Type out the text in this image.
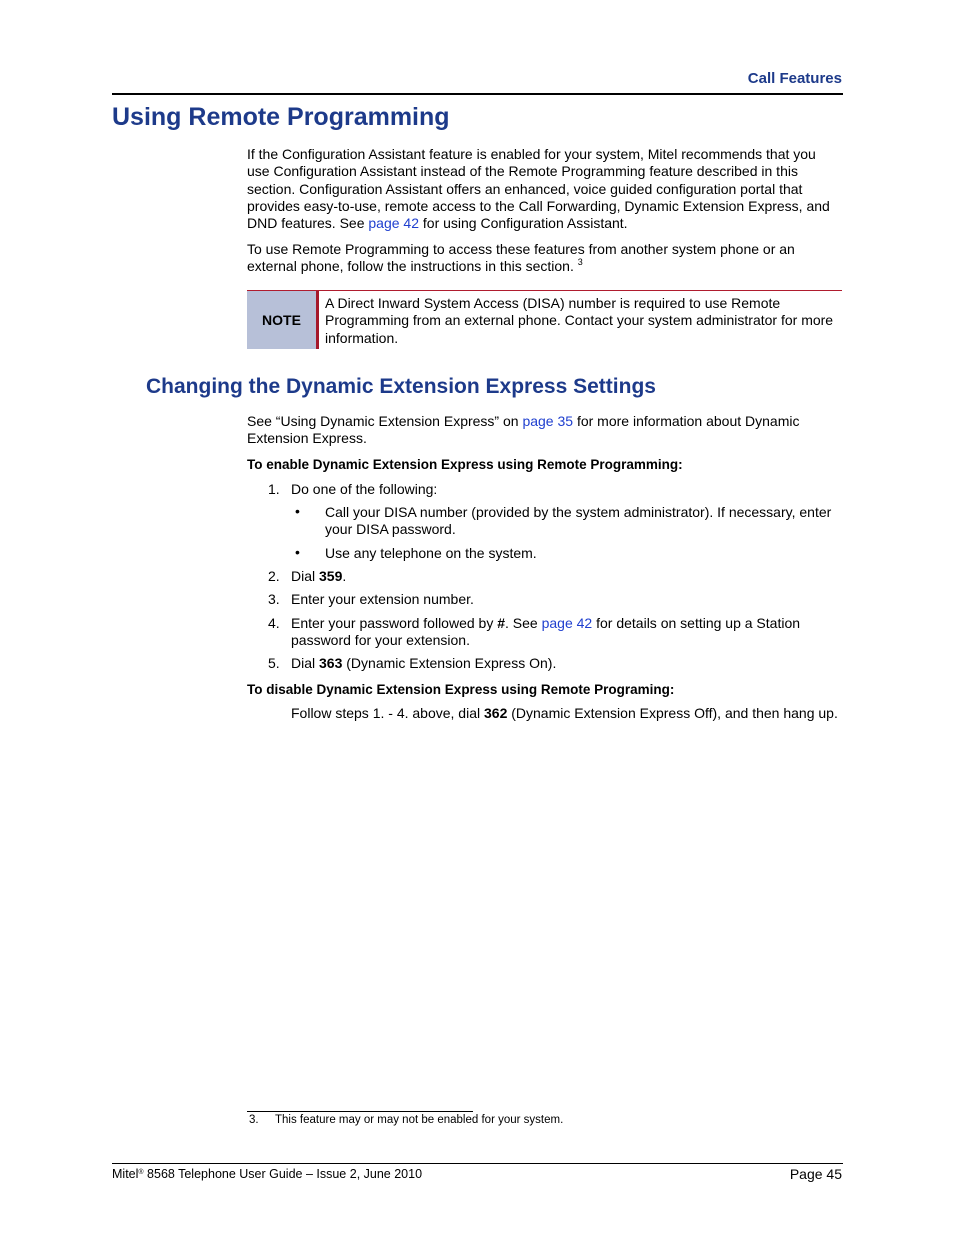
Call Features
Using Remote Programming
If the Configuration Assistant feature is enabled for your system, Mitel recommends that you use Configuration Assistant instead of the Remote Programming feature described in this section. Configuration Assistant offers an enhanced, voice guided configuration portal that provides easy-to-use, remote access to the Call Forwarding, Dynamic Extension Express, and DND features. See page 42 for using Configuration Assistant.
To use Remote Programming to access these features from another system phone or an external phone, follow the instructions in this section. $^3$
NOTE
A Direct Inward System Access (DISA) number is required to use Remote Programming from an external phone. Contact your system administrator for more information.
Changing the Dynamic Extension Express Settings
See “Using Dynamic Extension Express” on page 35 for more information about Dynamic Extension Express.
To enable Dynamic Extension Express using Remote Programming:
1. Do one of the following:
• Call your DISA number (provided by the system administrator). If necessary, enter your DISA password.
• Use any telephone on the system.
2. Dial 359.
3. Enter your extension number.
4. Enter your password followed by #. See page 42 for details on setting up a Station password for your extension.
5. Dial 363 (Dynamic Extension Express On).
To disable Dynamic Extension Express using Remote Programing:
Follow steps 1. - 4. above, dial 362 (Dynamic Extension Express Off), and then hang up.
3. This feature may or may not be enabled for your system.
Mitel® 8568 Telephone User Guide – Issue 2, June 2010	Page 45
